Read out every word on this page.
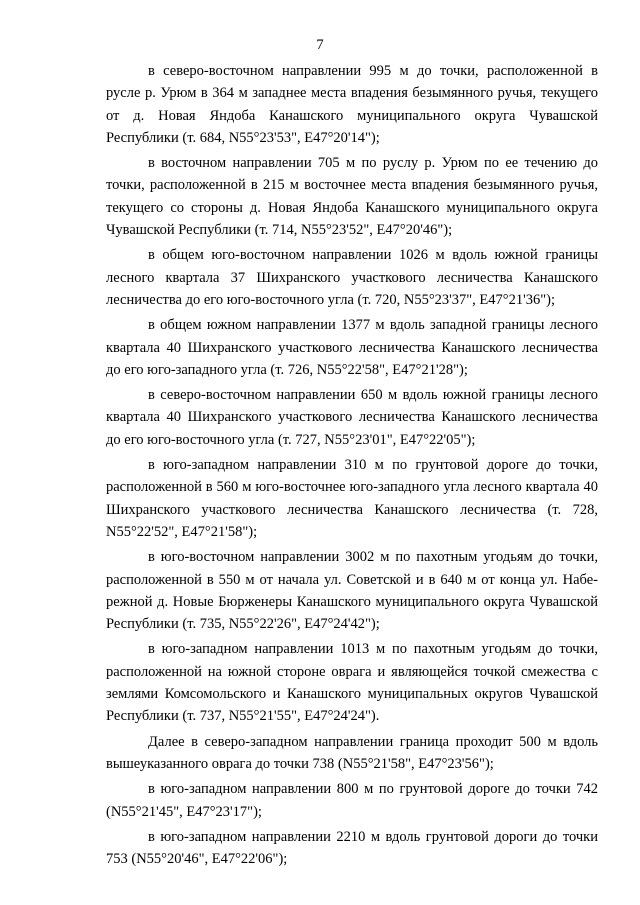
7

в северо-восточном направлении 995 м до точки, расположенной в русле р. Урюм в 364 м западнее места впадения безымянного ручья, текущего от д. Новая Яндоба Канашского муниципального округа Чувашской Республики (т. 684, N55°23'53", E47°20'14");

в восточном направлении 705 м по руслу р. Урюм по ее течению до точки, расположенной в 215 м восточнее места впадения безымянного ручья, текущего со стороны д. Новая Яндоба Канашского муниципального округа Чувашской Республики (т. 714, N55°23'52", E47°20'46");

в общем юго-восточном направлении 1026 м вдоль южной границы лесного квартала 37 Шихранского участкового лесничества Канашского лесничества до его юго-восточного угла (т. 720, N55°23'37", E47°21'36");

в общем южном направлении 1377 м вдоль западной границы лесного квартала 40 Шихранского участкового лесничества Канашского лесничества до его юго-западного угла (т. 726, N55°22'58", E47°21'28");

в северо-восточном направлении 650 м вдоль южной границы лесного квартала 40 Шихранского участкового лесничества Канашского лесничества до его юго-восточного угла (т. 727, N55°23'01", E47°22'05");

в юго-западном направлении 310 м по грунтовой дороге до точки, расположенной в 560 м юго-восточнее юго-западного угла лесного квартала 40 Шихранского участкового лесничества Канашского лесничества (т. 728, N55°22'52", E47°21'58");

в юго-восточном направлении 3002 м по пахотным угодьям до точки, расположенной в 550 м от начала ул. Советской и в 640 м от конца ул. Набережной д. Новые Бюрженеры Канашского муниципального округа Чувашской Республики (т. 735, N55°22'26", E47°24'42");

в юго-западном направлении 1013 м по пахотным угодьям до точки, расположенной на южной стороне оврага и являющейся точкой смежества с землями Комсомольского и Канашского муниципальных округов Чувашской Республики (т. 737, N55°21'55", E47°24'24").

Далее в северо-западном направлении граница проходит 500 м вдоль вышеуказанного оврага до точки 738 (N55°21'58", E47°23'56");

в юго-западном направлении 800 м по грунтовой дороге до точки 742 (N55°21'45", E47°23'17");

в юго-западном направлении 2210 м вдоль грунтовой дороги до точки 753 (N55°20'46", E47°22'06");
